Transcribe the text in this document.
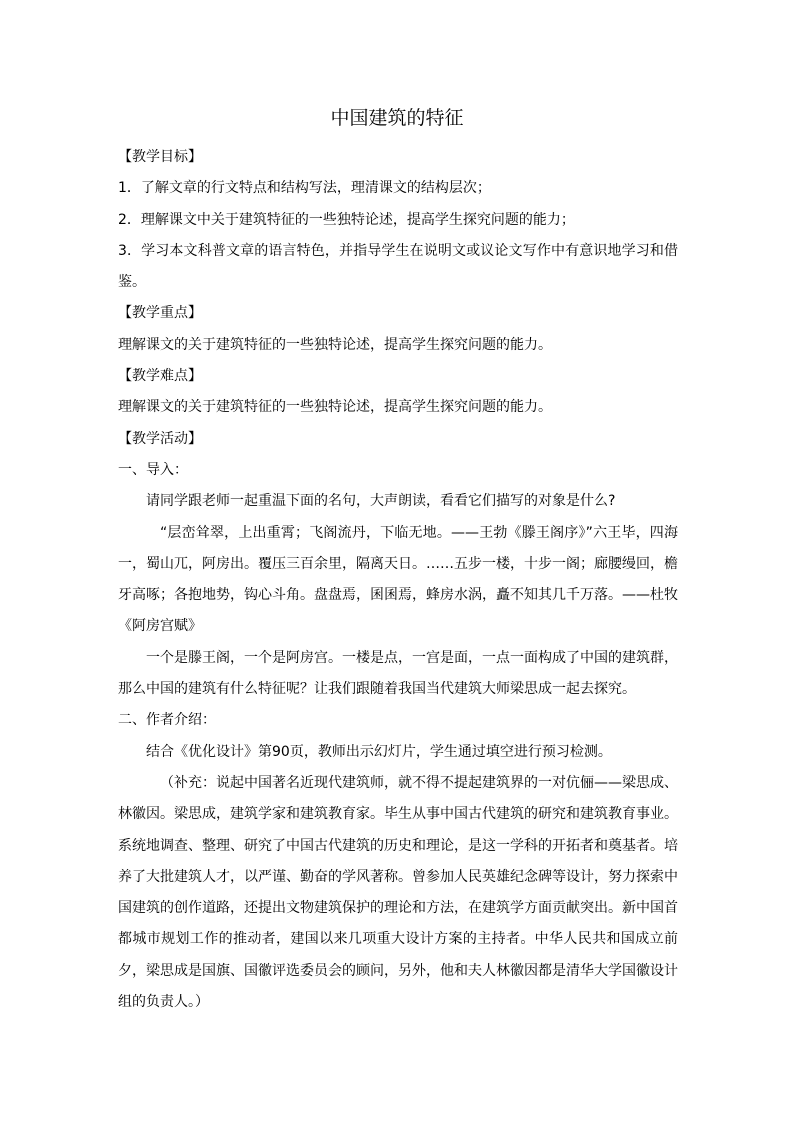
中国建筑的特征

【教学目标】

1．了解文章的行文特点和结构写法，理清课文的结构层次；

2．理解课文中关于建筑特征的一些独特论述，提高学生探究问题的能力；

3．学习本文科普文章的语言特色，并指导学生在说明文或议论文写作中有意识地学习和借鉴。

【教学重点】

理解课文的关于建筑特征的一些独特论述，提高学生探究问题的能力。

【教学难点】

理解课文的关于建筑特征的一些独特论述，提高学生探究问题的能力。

【教学活动】

一、导入：

请同学跟老师一起重温下面的名句，大声朗读，看看它们描写的对象是什么?

“层峦耸翠，上出重霄；飞阁流丹，下临无地。——王勃《滕王阁序》”六王毕，四海一，蜀山兀，阿房出。覆压三百余里，隔离天日。……五步一楼，十步一阁；廊腰缦回，檐牙高啄；各抱地势，钩心斗角。盘盘焉，囷囷焉，蜂房水涡，矗不知其几千万落。——杜牧《阿房宫赋》

一个是滕王阁，一个是阿房宫。一楼是点，一宫是面，一点一面构成了中国的建筑群，那么中国的建筑有什么特征呢？让我们跟随着我国当代建筑大师梁思成一起去探究。

二、作者介绍：

结合《优化设计》第90页，教师出示幻灯片，学生通过填空进行预习检测。

（补充：说起中国著名近现代建筑师，就不得不提起建筑界的一对伉俪——梁思成、林徽因。梁思成，建筑学家和建筑教育家。毕生从事中国古代建筑的研究和建筑教育事业。系统地调查、整理、研究了中国古代建筑的历史和理论，是这一学科的开拓者和奠基者。培养了大批建筑人才，以严谨、勤奋的学风著称。曾参加人民英雄纪念碑等设计，努力探索中国建筑的创作道路，还提出文物建筑保护的理论和方法，在建筑学方面贡献突出。新中国首都城市规划工作的推动者，建国以来几项重大设计方案的主持者。中华人民共和国成立前夕，梁思成是国旗、国徽评选委员会的顾问，另外，他和夫人林徽因都是清华大学国徽设计组的负责人。）
